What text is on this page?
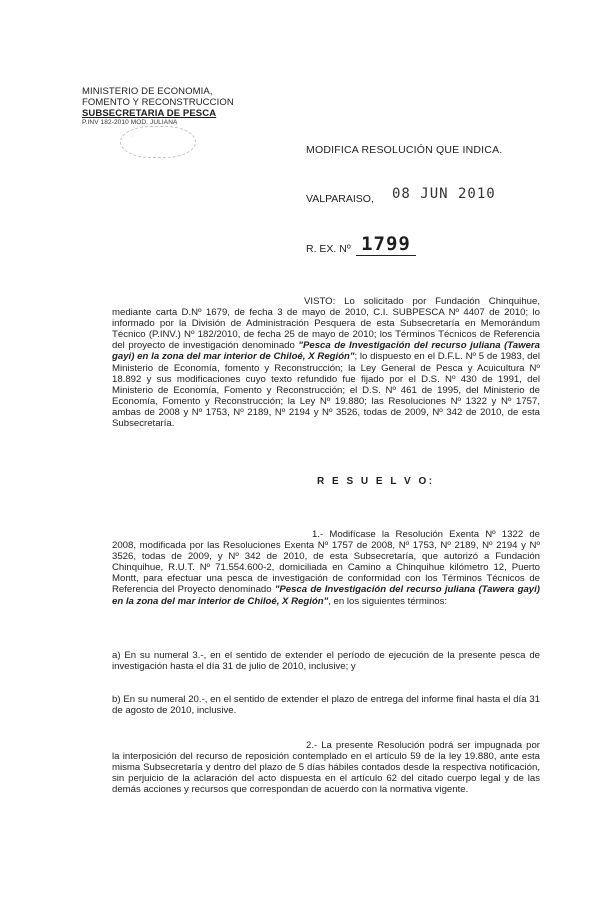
MINISTERIO DE ECONOMIA,
FOMENTO Y RECONSTRUCCION
SUBSECRETARIA DE PESCA
P.INV 182-2010 MOD. JULIANA
◌
MODIFICA RESOLUCIÓN QUE INDICA.
VALPARAISO, 08 JUN 2010
R. EX. Nº 1799

VISTO: Lo solicitado por Fundación Chinquihue, mediante carta D.Nº 1679, de fecha 3 de mayo de 2010, C.I. SUBPESCA Nº 4407 de 2010; lo informado por la División de Administración Pesquera de esta Subsecretaría en Memorándum Técnico (P.INV.) Nº 182/2010, de fecha 25 de mayo de 2010; los Términos Técnicos de Referencia del proyecto de investigación denominado "Pesca de Investigación del recurso juliana (Tawera gayi) en la zona del mar interior de Chiloé, X Región"; lo dispuesto en el D.F.L. Nº 5 de 1983, del Ministerio de Economía, fomento y Reconstrucción; la Ley General de Pesca y Acuicultura Nº 18.892 y sus modificaciones cuyo texto refundido fue fijado por el D.S. Nº 430 de 1991, del Ministerio de Economía, Fomento y Reconstrucción; el D.S. Nº 461 de 1995, del Ministerio de Economía, Fomento y Reconstrucción; la Ley Nº 19.880; las Resoluciones Nº 1322 y Nº 1757, ambas de 2008 y Nº 1753, Nº 2189, Nº 2194 y Nº 3526, todas de 2009, Nº 342 de 2010, de esta Subsecretaría.

R E S U E L V O:

1.- Modifícase la Resolución Exenta Nº 1322 de 2008, modificada por las Resoluciones Exenta Nº 1757 de 2008, Nº 1753, Nº 2189, Nº 2194 y Nº 3526, todas de 2009, y Nº 342 de 2010, de esta Subsecretaría, que autorizó a Fundación Chinquihue, R.U.T. Nº 71.554.600-2, domiciliada en Camino a Chinquihue kilómetro 12, Puerto Montt, para efectuar una pesca de investigación de conformidad con los Términos Técnicos de Referencia del Proyecto denominado "Pesca de Investigación del recurso juliana (Tawera gayi) en la zona del mar interior de Chiloé, X Región", en los siguientes términos:

a) En su numeral 3.-, en el sentido de extender el período de ejecución de la presente pesca de investigación hasta el día 31 de julio de 2010, inclusive; y

b) En su numeral 20.-, en el sentido de extender el plazo de entrega del informe final hasta el día 31 de agosto de 2010, inclusive.

2.- La presente Resolución podrá ser impugnada por la interposición del recurso de reposición contemplado en el artículo 59 de la ley 19.880, ante esta misma Subsecretaría y dentro del plazo de 5 días hábiles contados desde la respectiva notificación, sin perjuicio de la aclaración del acto dispuesta en el artículo 62 del citado cuerpo legal y de las demás acciones y recursos que correspondan de acuerdo con la normativa vigente.
